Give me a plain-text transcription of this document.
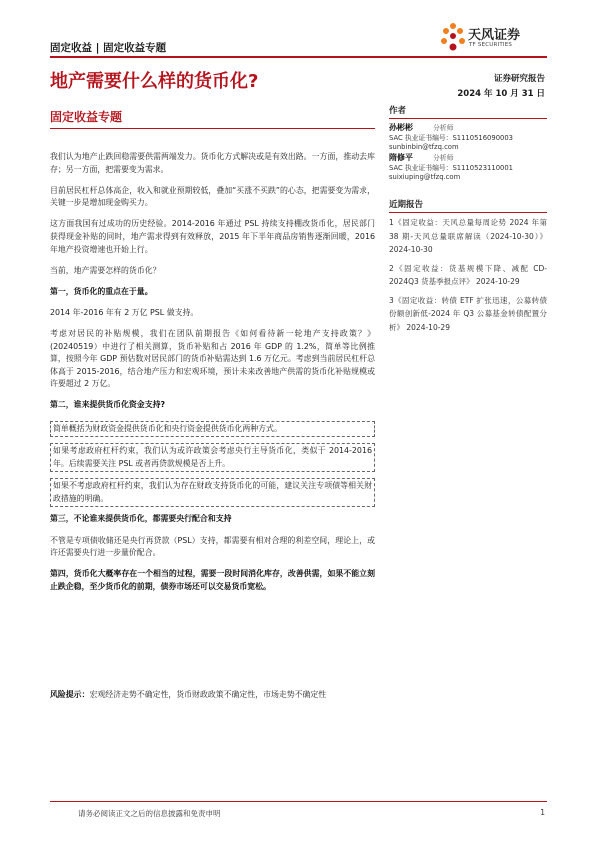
固定收益 | 固定收益专题
天风证券
TF SECURITIES
地产需要什么样的货币化?	证券研究报告
2024 年 10 月 31 日
固定收益专题

我们认为地产止跌回稳需要供需两端发力。货币化方式解决或是有效出路。一方面，推动去库存；另一方面，把需要变为需求。

目前居民杠杆总体高企，收入和就业预期较低，叠加“买涨不买跌”的心态，把需要变为需求，关键一步是增加现金购买力。

这方面我国有过成功的历史经验。2014-2016 年通过 PSL 持续支持棚改货币化，居民部门获得现金补贴的同时，地产需求得到有效释放，2015 年下半年商品房销售逐渐回暖，2016 年地产投资增速也开始上行。

当前，地产需要怎样的货币化？

第一，货币化的重点在于量。

2014 年-2016 年有 2 万亿 PSL 做支持。

考虑对居民的补贴规模，我们在团队前期报告《如何看待新一轮地产支持政策？》(20240519）中进行了相关测算，货币补贴和占 2016 年 GDP 的 1.2%，简单等比例推算，按照今年 GDP 预估数对居民部门的货币补贴需达到 1.6 万亿元。考虑到当前居民杠杆总体高于 2015-2016，结合地产压力和宏观环境，预计未来改善地产供需的货币化补贴规模或许要超过 2 万亿。

第二，谁来提供货币化资金支持?

简单概括为财政资金提供货币化和央行资金提供货币化两种方式。

如果考虑政府杠杆约束，我们认为或许政策会考虑央行主导货币化，类似于 2014-2016 年。后续需要关注 PSL 或者再贷款规模是否上升。

如果不考虑政府杠杆约束，我们认为存在财政支持货币化的可能，建议关注专项债等相关财政措施的明确。

第三，不论谁来提供货币化，都需要央行配合和支持

不管是专项债收储还是央行再贷款（PSL）支持，都需要有相对合理的利差空间，理论上，或许还需要央行进一步量价配合。

第四，货币化大概率存在一个相当的过程，需要一段时间消化库存，改善供需，如果不能立刻止跌企稳，至少货币化的前期，债券市场还可以交易货币宽松。

风险提示：宏观经济走势不确定性，货币财政政策不确定性，市场走势不确定性

作者
孙彬彬	分析师
SAC 执业证书编号：S1110516090003
sunbinbin@tfzq.com
隋修平	分析师
SAC 执业证书编号：S1110523110001
suixiuping@tfzq.com
近期报告

1《固定收益：天风总量每周论势 2024 年第 38 期-天风总量联席解读（2024-10-30）》 2024-10-30

2《固定收益：货基规模下降、减配 CD-2024Q3 货基季报点评》 2024-10-29

3《固定收益：转债 ETF 扩张迅速，公募转债份额创新低-2024 年 Q3 公募基金转债配置分析》 2024-10-29

请务必阅读正文之后的信息披露和免责申明	1
